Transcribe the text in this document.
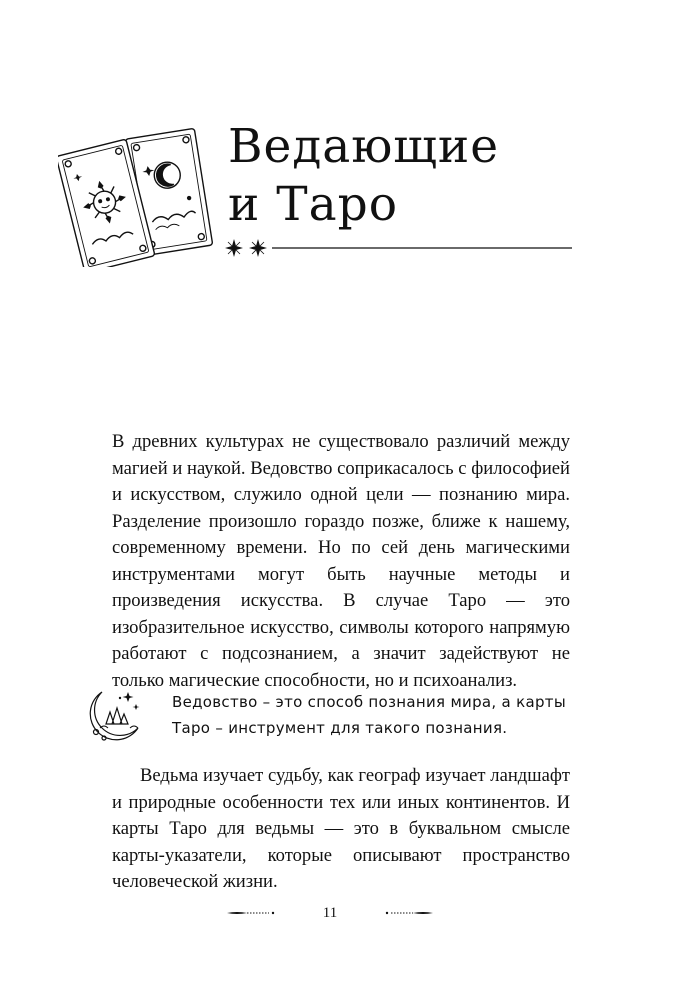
Ведающие
и Таро

В древних культурах не существовало различий между магией и наукой. Ведовство соприкасалось с философией и искусством, служило одной цели — познанию мира. Разделение произошло гораздо позже, ближе к нашему, современному времени. Но по сей день магическими инструментами могут быть научные методы и произведения искусства. В случае Таро — это изобразительное искусство, символы которого напрямую работают с подсознанием, а значит задействуют не только магические способности, но и психоанализ.

Ведовство – это способ познания мира, а карты Таро – инструмент для такого познания.

Ведьма изучает судьбу, как географ изучает ландшафт и природные особенности тех или иных континентов. И карты Таро для ведьмы — это в буквальном смысле карты-указатели, которые описывают пространство человеческой жизни.

11
